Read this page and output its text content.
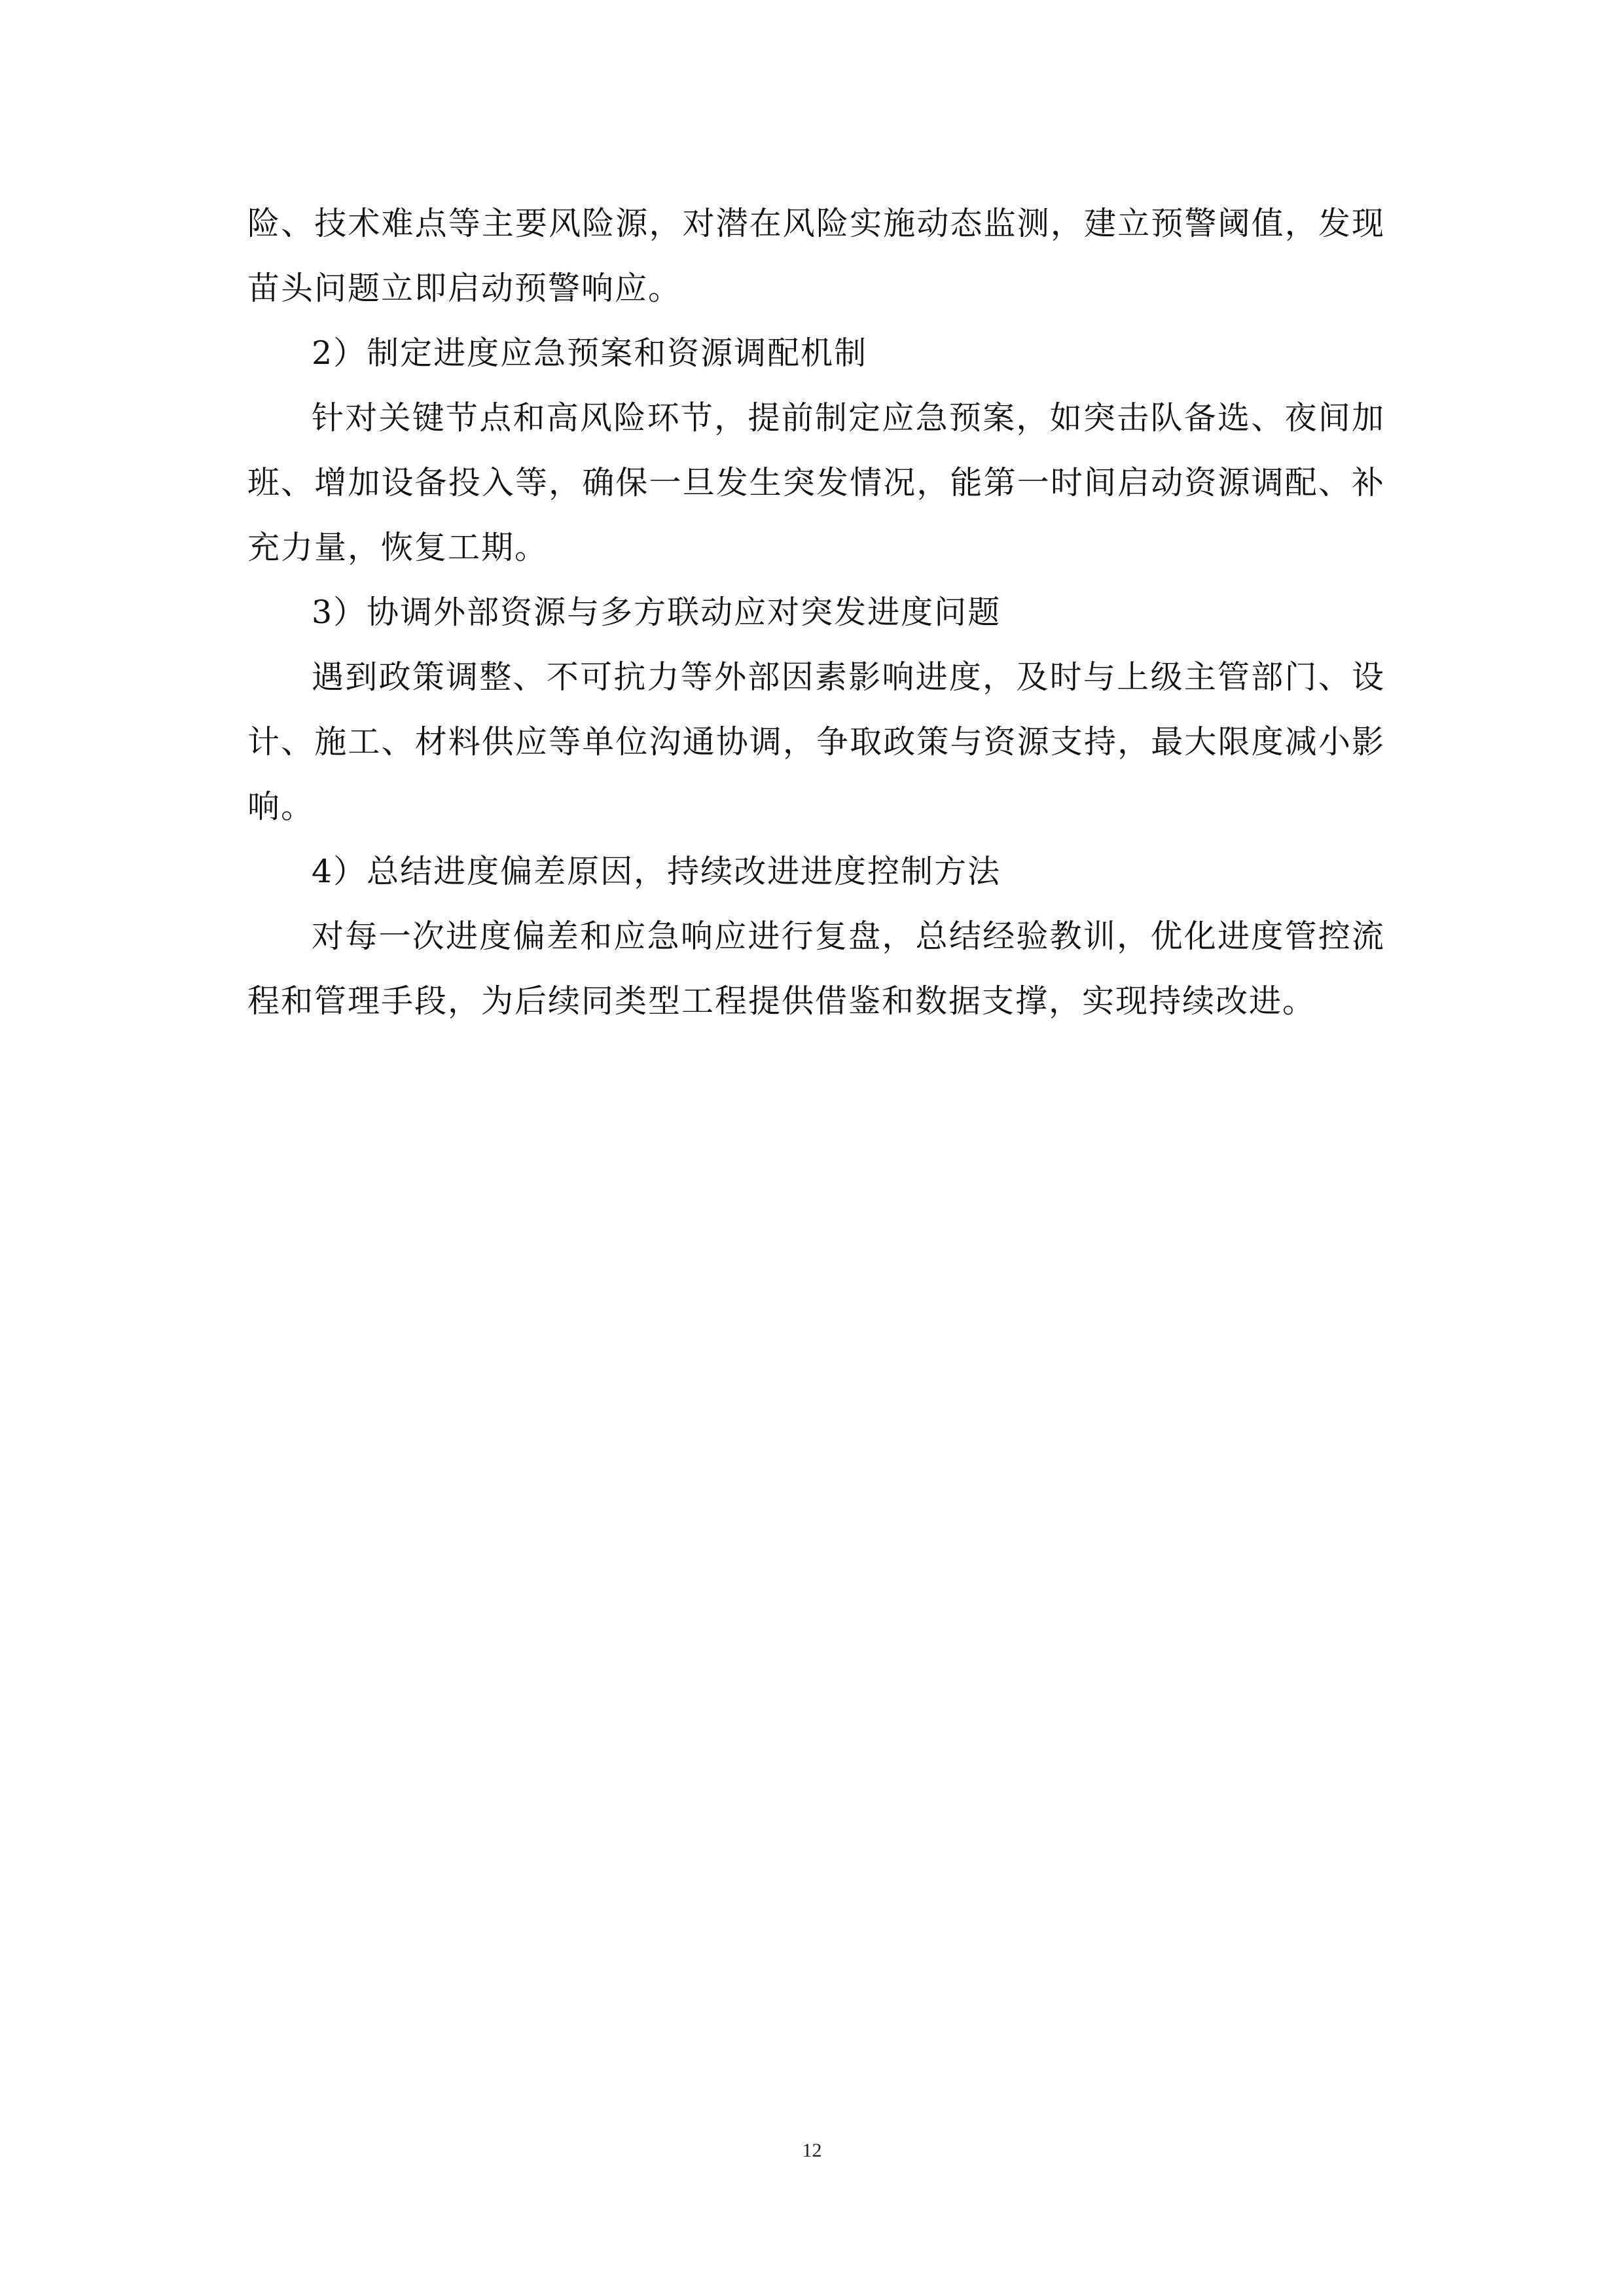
险、技术难点等主要风险源，对潜在风险实施动态监测，建立预警阈值，发现苗头问题立即启动预警响应。

2）制定进度应急预案和资源调配机制

针对关键节点和高风险环节，提前制定应急预案，如突击队备选、夜间加班、增加设备投入等，确保一旦发生突发情况，能第一时间启动资源调配、补充力量，恢复工期。

3）协调外部资源与多方联动应对突发进度问题

遇到政策调整、不可抗力等外部因素影响进度，及时与上级主管部门、设计、施工、材料供应等单位沟通协调，争取政策与资源支持，最大限度减小影响。

4）总结进度偏差原因，持续改进进度控制方法

对每一次进度偏差和应急响应进行复盘，总结经验教训，优化进度管控流程和管理手段，为后续同类型工程提供借鉴和数据支撑，实现持续改进。

12
